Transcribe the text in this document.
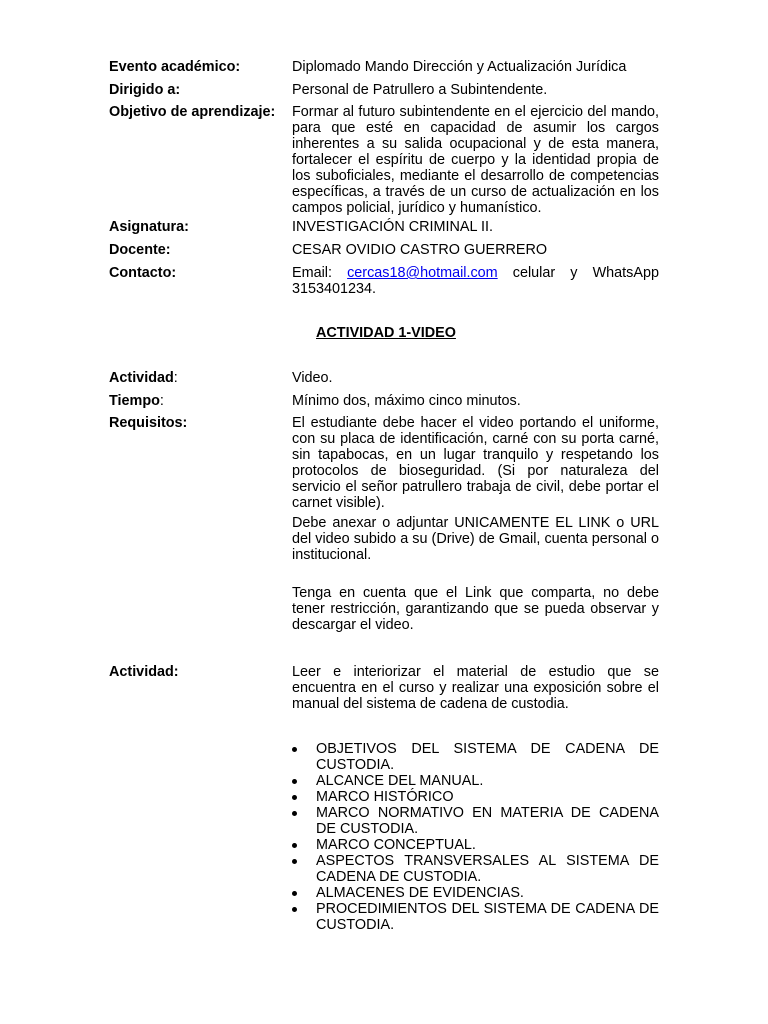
Evento académico:	Diplomado Mando Dirección y Actualización Jurídica
Dirigido a:	Personal de Patrullero a Subintendente.
Objetivo de aprendizaje:	Formar al futuro subintendente en el ejercicio del mando, para que esté en capacidad de asumir los cargos inherentes a su salida ocupacional y de esta manera, fortalecer el espíritu de cuerpo y la identidad propia de los suboficiales, mediante el desarrollo de competencias específicas, a través de un curso de actualización en los campos policial, jurídico y humanístico.
Asignatura:	INVESTIGACIÓN CRIMINAL II.
Docente:	CESAR OVIDIO CASTRO GUERRERO
Contacto:	Email: cercas18@hotmail.com celular y WhatsApp 3153401234.
ACTIVIDAD 1-VIDEO
Actividad:	Video.
Tiempo:	Mínimo dos, máximo cinco minutos.
Requisitos:	El estudiante debe hacer el video portando el uniforme, con su placa de identificación, carné con su porta carné, sin tapabocas, en un lugar tranquilo y respetando los protocolos de bioseguridad. (Si por naturaleza del servicio el señor patrullero trabaja de civil, debe portar el carnet visible).
Debe anexar o adjuntar UNICAMENTE EL LINK o URL del video subido a su (Drive) de Gmail, cuenta personal o institucional.
Tenga en cuenta que el Link que comparta, no debe tener restricción, garantizando que se pueda observar y descargar el video.
Actividad:	Leer e interiorizar el material de estudio que se encuentra en el curso y realizar una exposición sobre el manual del sistema de cadena de custodia.
OBJETIVOS DEL SISTEMA DE CADENA DE CUSTODIA.
ALCANCE DEL MANUAL.
MARCO HISTÓRICO
MARCO NORMATIVO EN MATERIA DE CADENA DE CUSTODIA.
MARCO CONCEPTUAL.
ASPECTOS TRANSVERSALES AL SISTEMA DE CADENA DE CUSTODIA.
ALMACENES DE EVIDENCIAS.
PROCEDIMIENTOS DEL SISTEMA DE CADENA DE CUSTODIA.
